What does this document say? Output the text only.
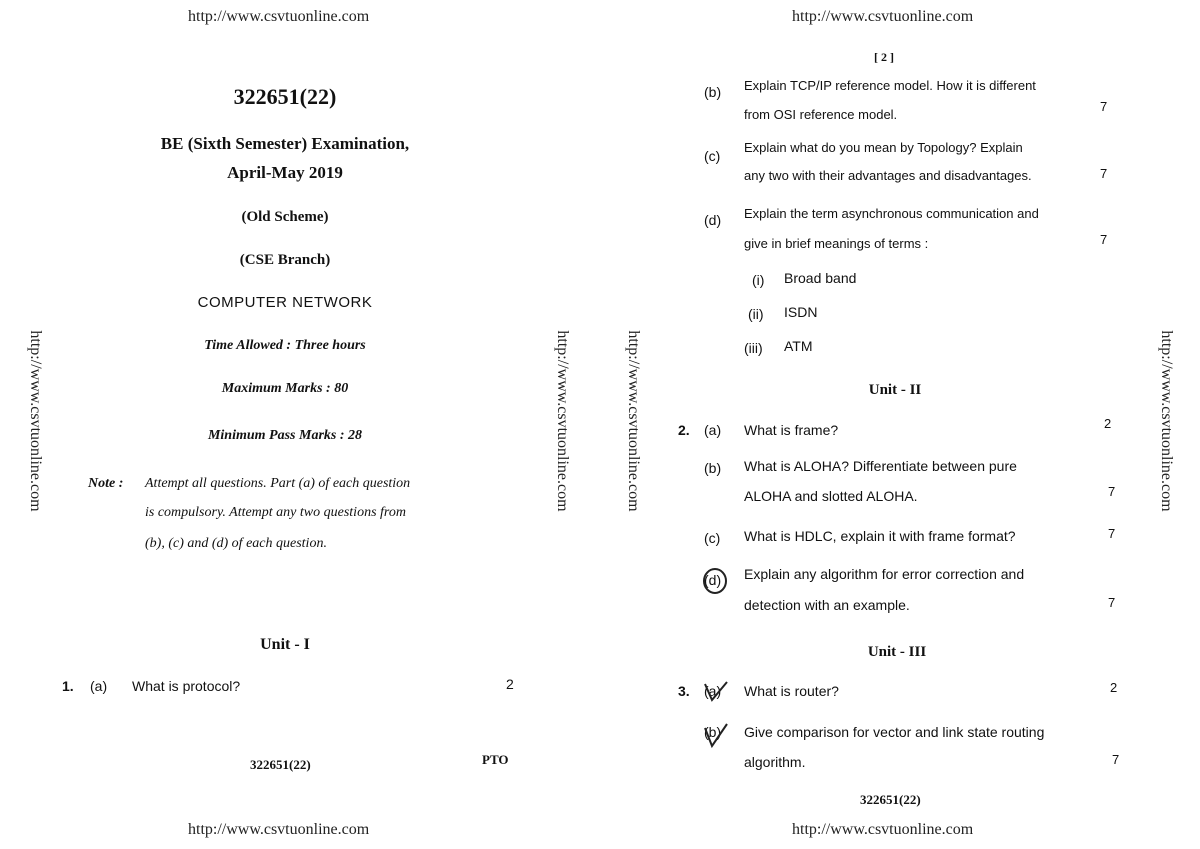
http://www.csvtuonline.com	http://www.csvtuonline.com
http://www.csvtuonline.com	http://www.csvtuonline.com
http://www.csvtuonline.com	http://www.csvtuonline.com	http://www.csvtuonline.com	http://www.csvtuonline.com
322651(22)
BE (Sixth Semester) Examination,
April-May 2019
(Old Scheme)
(CSE Branch)
COMPUTER NETWORK
Time Allowed : Three hours
Maximum Marks : 80
Minimum Pass Marks : 28
Note : Attempt all questions. Part (a) of each question
is compulsory. Attempt any two questions from
(b), (c) and (d) of each question.
Unit - I
1. (a) What is protocol?	2
322651(22)	PTO
[ 2 ]
(b) Explain TCP/IP reference model. How it is different
from OSI reference model.
7
(c)
Explain what do you mean by Topology? Explain
any two with their advantages and disadvantages.	7
(d) Explain the term asynchronous communication and
give in brief meanings of terms :	7
(i) Broad band
(ii) ISDN
(iii) ATM
Unit - II
2. (a) What is frame?	2
(b) What is ALOHA? Differentiate between pure
ALOHA and slotted ALOHA.	7
(c) What is HDLC, explain it with frame format?	7
(d) Explain any algorithm for error correction and
detection with an example.	7
Unit - III
3. (a) What is router?	2
(b) Give comparison for vector and link state routing
algorithm.	7
322651(22)
